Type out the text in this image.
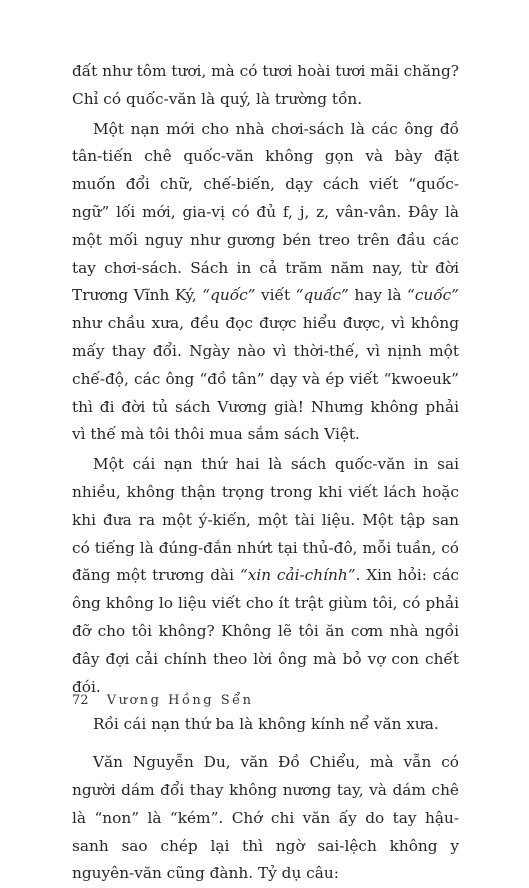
đất như tôm tươi, mà có tươi hoài tươi mãi chăng? Chỉ có quốc-văn là quý, là trường tồn.

Một nạn mới cho nhà chơi-sách là các ông đồ tân-tiến chê quốc-văn không gọn và bày đặt muốn đổi chữ, chế-biến, dạy cách viết “quốc-ngữ” lối mới, gia-vị có đủ f, j, z, vân-vân. Đây là một mối nguy như gương bén treo trên đầu các tay chơi-sách. Sách in cả trăm năm nay, từ đời Trương Vĩnh Ký, “quốc” viết “quấc” hay là “cuốc” như chầu xưa, đều đọc được hiểu được, vì không mấy thay đổi. Ngày nào vì thời-thế, vì nịnh một chế-độ, các ông “đồ tân” dạy và ép viết “kwoeuk” thì đi đời tủ sách Vương già! Nhưng không phải vì thế mà tôi thôi mua sắm sách Việt.

Một cái nạn thứ hai là sách quốc-văn in sai nhiều, không thận trọng trong khi viết lách hoặc khi đưa ra một ý-kiến, một tài liệu. Một tập san có tiếng là đúng-đắn nhứt tại thủ-đô, mỗi tuần, có đăng một trương dài “xin cải-chính”. Xin hỏi: các ông không lo liệu viết cho ít trật giùm tôi, có phải đỡ cho tôi không? Không lẽ tôi ăn cơm nhà ngồi đây đợi cải chính theo lời ông mà bỏ vợ con chết đói.

Rồi cái nạn thứ ba là không kính nể văn xưa.

Văn Nguyễn Du, văn Đồ Chiểu, mà vẫn có người dám đổi thay không nương tay, và dám chê là “non” là “kém”. Chớ chi văn ấy do tay hậu-sanh sao chép lại thì ngờ sai-lệch không y nguyên-văn cũng đành. Tỷ dụ câu:

72 Vương Hồng Sển
